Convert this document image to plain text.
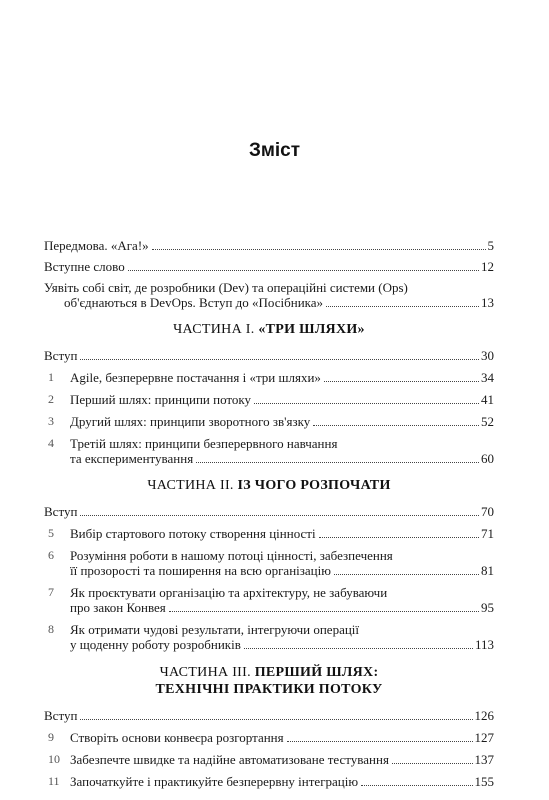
Зміст
Передмова. «Ага!»	5
Вступне слово	12
Уявіть собі світ, де розробники (Dev) та операційні системи (Ops)
об'єднаються в DevOps. Вступ до «Посібника»	13
ЧАСТИНА I. «ТРИ ШЛЯХИ»
Вступ	30
1	Agile, безперервне постачання і «три шляхи»	34
2	Перший шлях: принципи потоку	41
3	Другий шлях: принципи зворотного зв'язку	52
4	Третій шлях: принципи безперервного навчання
та експериментування	60
ЧАСТИНА II. ІЗ ЧОГО РОЗПОЧАТИ
Вступ	70
5	Вибір стартового потоку створення цінності	71
6	Розуміння роботи в нашому потоці цінності, забезпечення
її прозорості та поширення на всю організацію	81
7	Як проєктувати організацію та архітектуру, не забуваючи
про закон Конвея	95
8	Як отримати чудові результати, інтегруючи операції
у щоденну роботу розробників	113
ЧАСТИНА III. ПЕРШИЙ ШЛЯХ:
ТЕХНІЧНІ ПРАКТИКИ ПОТОКУ
Вступ	126
9	Створіть основи конвеєра розгортання	127
10 Забезпечте швидке та надійне автоматизоване тестування	137
11 Започаткуйте і практикуйте безперервну інтеграцію	155
